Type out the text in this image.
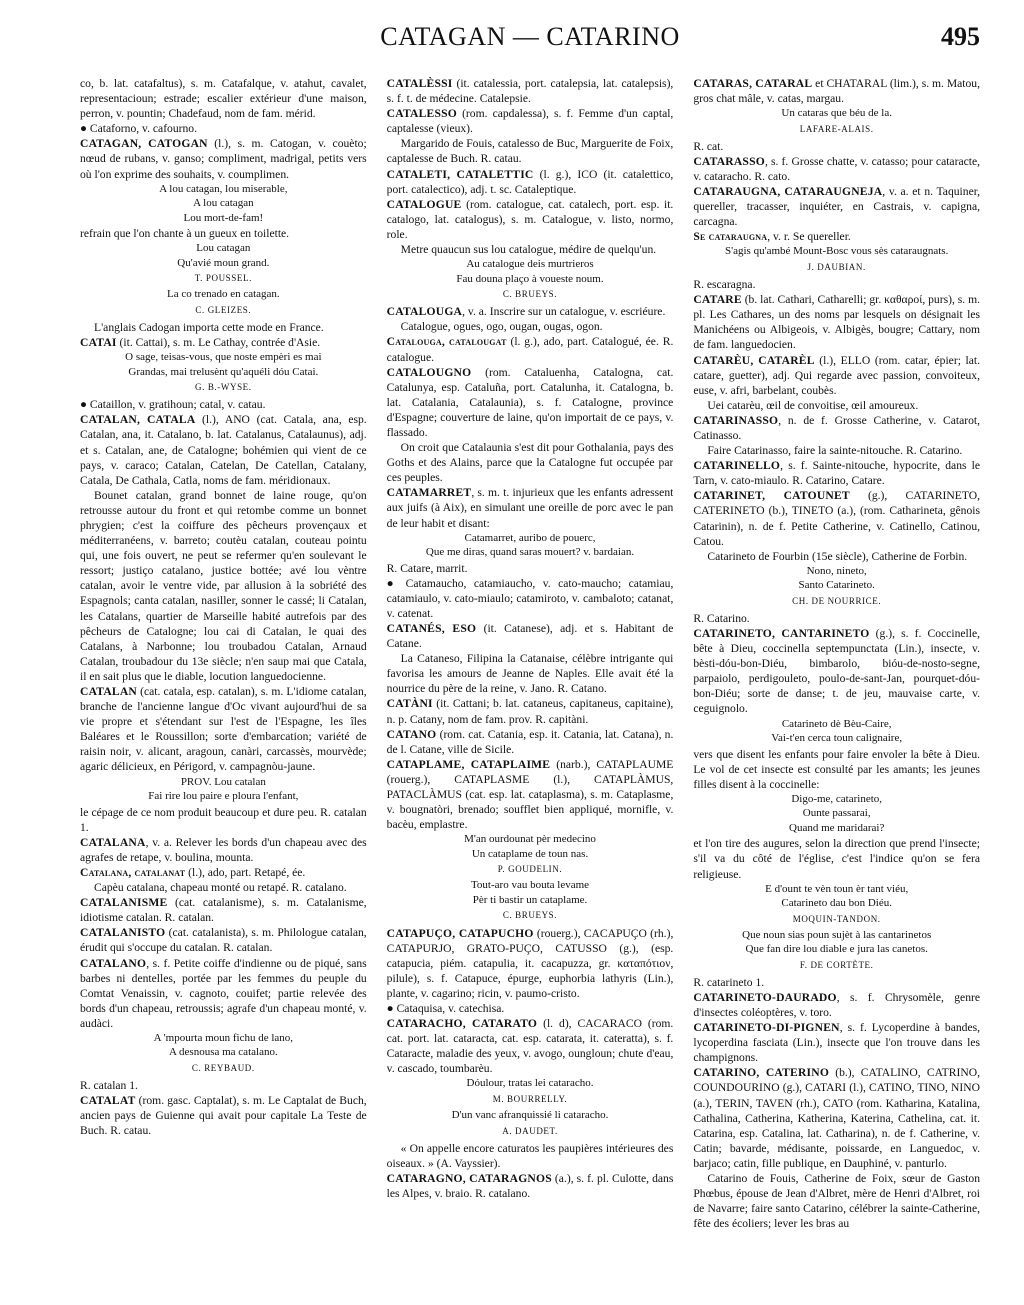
CATAGAN — CATARINO	495
co, b. lat. catafaltus), s. m. Catafalque, v. atahut, cavalet, representacioun; estrade; escalier extérieur d'une maison, perron, v. pountin; Chadefaud, nom de fam. mérid.
● Cataforno, v. cafourno.
CATAGAN, CATOGAN (l.), s. m. Catogan, v. couèto; nœud de rubans, v. ganso; compliment, madrigal, petits vers où l'on exprime des souhaits, v. coumplimen.
A lou catagan, lou miserable,
A lou catagan
Lou mort-de-fam!
refrain que l'on chante à un gueux en toilette.
Lou catagan
Qu'avié moun grand.
T. POUSSEL.
La co trenado en catagan.
C. GLEIZES.
L'anglais Cadogan importa cette mode en France.
CATAI (it. Cattai), s. m. Le Cathay, contrée d'Asie.
O sage, teisas-vous, que noste empèri es mai
Grandas, mai trelusènt qu'aquéli dóu Catai.
G. B.-WYSE.
● Cataillon, v. gratihoun; catal, v. catau.
CATALAN, CATALA (l.), ANO (cat. Catala, ana, esp. Catalan, ana, it. Catalano, b. lat. Catalanus, Catalaunus), adj. et s. Catalan, ane, de Catalogne; bohémien qui vient de ce pays, v. caraco; Catalan, Catelan, De Catellan, Catalany, Catala, De Cathala, Catla, noms de fam. méridionaux.
Bounet catalan, grand bonnet de laine rouge, qu'on retrousse autour du front et qui retombe comme un bonnet phrygien; c'est la coiffure des pêcheurs provençaux et méditerranéens, v. barreto; coutèu catalan, couteau pointu qui, une fois ouvert, ne peut se refermer qu'en soulevant le ressort; justiço catalano, justice bottée; avé lou vèntre catalan, avoir le ventre vide, par allusion à la sobriété des Espagnols; canta catalan, nasiller, sonner le cassé; li Catalan, les Catalans, quartier de Marseille habité autrefois par des pêcheurs de Catalogne; lou cai di Catalan, le quai des Catalans, à Narbonne; lou troubadou Catalan, Arnaud Catalan, troubadour du 13e siècle; n'en saup mai que Catala, il en sait plus que le diable, locution languedocienne.
CATALAN (cat. catala, esp. catalan), s. m. L'idiome catalan, branche de l'ancienne langue d'Oc vivant aujourd'hui de sa vie propre et s'étendant sur l'est de l'Espagne, les îles Baléares et le Roussillon; sorte d'embarcation; variété de raisin noir, v. alicant, aragoun, canàri, carcassès, mourvède; agaric délicieux, en Périgord, v. campagnòu-jaune.
PROV. Lou catalan
Fai rire lou paire e ploura l'enfant,
le cépage de ce nom produit beaucoup et dure peu. R. catalan 1.
CATALANA, v. a. Relever les bords d'un chapeau avec des agrafes de retape, v. boulina, mounta.
Catalana, catalanat (l.), ado, part. Retapé, ée.
Capèu catalana, chapeau monté ou retapé. R. catalano.
CATALANISME (cat. catalanisme), s. m. Catalanisme, idiotisme catalan. R. catalan.
CATALANISTO (cat. catalanista), s. m. Philologue catalan, érudit qui s'occupe du catalan. R. catalan.
CATALANO, s. f. Petite coiffe d'indienne ou de piqué, sans barbes ni dentelles, portée par les femmes du peuple du Comtat Venaissin, v. cagnoto, couifet; partie relevée des bords d'un chapeau, retroussis; agrafe d'un chapeau monté, v. audàci.
A 'mpourta moun fichu de lano,
A desnousa ma catalano.
C. REYBAUD.
R. catalan 1.
CATALAT (rom. gasc. Captalat), s. m. Le Captalat de Buch, ancien pays de Guienne qui avait pour capitale La Teste de Buch. R. catau.
CATALÈSSI (it. catalessia, port. catalepsia, lat. catalepsis), s. f. t. de médecine. Catalepsie.
CATALESSO (rom. capdalessa), s. f. Femme d'un captal, captalesse (vieux).
Margarido de Fouis, catalesso de Buc, Marguerite de Foix, captalesse de Buch. R. catau.
CATALETI, CATALETTIC (l. g.), ICO (it. catalettico, port. catalectico), adj. t. sc. Cataleptique.
CATALOGUE (rom. catalogue, cat. catalech, port. esp. it. catalogo, lat. catalogus), s. m. Catalogue, v. listo, normo, role.
Metre quaucun sus lou catalogue, médire de quelqu'un.
Au catalogue deis murtrieros
Fau douna plaço à voueste noum.
C. BRUEYS.
CATALOUGA, v. a. Inscrire sur un catalogue, v. escriéure.
Catalogue, ogues, ogo, ougan, ougas, ogon.
Catalouga, catalougat (l. g.), ado, part. Catalogué, ée. R. catalogue.
CATALOUGNO (rom. Cataluenha, Catalogna, cat. Catalunya, esp. Cataluña, port. Catalunha, it. Catalogna, b. lat. Catalania, Catalaunia), s. f. Catalogne, province d'Espagne; couverture de laine, qu'on importait de ce pays, v. flassado.
On croit que Catalaunia s'est dit pour Gothalania, pays des Goths et des Alains, parce que la Catalogne fut occupée par ces peuples.
CATAMARRET, s. m. t. injurieux que les enfants adressent aux juifs (à Aix), en simulant une oreille de porc avec le pan de leur habit et disant:
Catamarret, auribo de pouerc,
Que me diras, quand saras mouert? v. bardaian.
R. Catare, marrit.
● Catamaucho, catamiaucho, v. cato-maucho; catamiau, catamiaulo, v. cato-miaulo; catamiroto, v. cambaloto; catanat, v. catenat.
CATANÉS, ESO (it. Catanese), adj. et s. Habitant de Catane.
La Cataneso, Filipina la Catanaise, célèbre intrigante qui favorisa les amours de Jeanne de Naples. Elle avait été la nourrice du père de la reine, v. Jano. R. Catano.
CATÀNI (it. Cattani; b. lat. cataneus, capitaneus, capitaine), n. p. Catany, nom de fam. prov. R. capitàni.
CATANO (rom. cat. Catania, esp. it. Catania, lat. Catana), n. de l. Catane, ville de Sicile.
CATAPLAME, CATAPLAIME (narb.), CATAPLAUME (rouerg.), CATAPLASME (l.), CATAPLÀMUS, PATACLÀMUS (cat. esp. lat. cataplasma), s. m. Cataplasme, v. bougnatòri, brenado; soufflet bien appliqué, mornifle, v. bacèu, emplastre.
M'an ourdounat pèr medecino
Un cataplame de toun nas.
P. GOUDELIN.
Tout-aro vau bouta levame
Pèr ti bastir un cataplame.
C. BRUEYS.
CATAPUÇO, CATAPUCHO (rouerg.), CACAPUÇO (rh.), CATAPURJO, GRATO-PUÇO, CATUSSO (g.), (esp. catapucia, piém. catapulia, it. cacapuzza, gr. καταπότιον, pilule), s. f. Catapuce, épurge, euphorbia lathyris (Lin.), plante, v. cagarino; ricin, v. paumo-cristo.
● Cataquisa, v. catechisa.
CATARACHO, CATARATO (l. d), CACARACO (rom. cat. port. lat. cataracta, cat. esp. catarata, it. cateratta), s. f. Cataracte, maladie des yeux, v. avogo, oungloun; chute d'eau, v. cascado, toumbarèu.
Dóulour, tratas lei cataracho.
M. BOURRELLY.
D'un vanc afranquissié li cataracho.
A. DAUDET.
« On appelle encore caturatos les paupières intérieures des oiseaux. » (A. Vayssier).
CATARAGNO, CATARAGNOS (a.), s. f. pl. Culotte, dans les Alpes, v. braio. R. catalano.
CATARAS, CATARAL et CHATARAL (lim.), s. m. Matou, gros chat mâle, v. catas, margau.
Un cataras que béu de la.
LAFARE-ALAIS.
R. cat.
CATARASSO, s. f. Grosse chatte, v. catasso; pour cataracte, v. cataracho. R. cato.
CATARAUGNA, CATARAUGNEJA, v. a. et n. Taquiner, quereller, tracasser, inquiéter, en Castrais, v. capigna, carcagna.
Se cataraugna, v. r. Se quereller.
S'agis qu'ambé Mount-Bosc vous sès cataraugnats.
J. DAUBIAN.
R. escaragna.
CATARE (b. lat. Cathari, Catharelli; gr. καθαροί, purs), s. m. pl. Les Cathares, un des noms par lesquels on désignait les Manichéens ou Albigeois, v. Albigès, bougre; Cattary, nom de fam. languedocien.
CATARÈU, CATARÈL (l.), ELLO (rom. catar, épier; lat. catare, guetter), adj. Qui regarde avec passion, convoiteux, euse, v. afri, barbelant, coubès.
Uei catarèu, œil de convoitise, œil amoureux.
CATARINASSO, n. de f. Grosse Catherine, v. Catarot, Catinasso.
Faire Catarinasso, faire la sainte-nitouche. R. Catarino.
CATARINELLO, s. f. Sainte-nitouche, hypocrite, dans le Tarn, v. cato-miaulo. R. Catarino, Catare.
CATARINET, CATOUNET (g.), CATARINETO, CATERINETO (b.), TINETO (a.), (rom. Catharineta, gênois Catarinin), n. de f. Petite Catherine, v. Catinello, Catinou, Catou.
Catarineto de Fourbin (15e siècle), Catherine de Forbin.
Nono, nineto,
Santo Catarineto.
CH. DE NOURRICE.
R. Catarino.
CATARINETO, CANTARINETO (g.), s. f. Coccinelle, bête à Dieu, coccinella septempunctata (Lin.), insecte, v. bèsti-dóu-bon-Diéu, bimbarolo, bióu-de-nosto-segne, parpaiolo, perdigouleto, poulo-de-sant-Jan, pourquet-dóu-bon-Diéu; sorte de danse; t. de jeu, mauvaise carte, v. ceguignolo.
Catarineto dè Bèu-Caire,
Vai-t'en cerca toun calignaire,
vers que disent les enfants pour faire envoler la bête à Dieu. Le vol de cet insecte est consulté par les amants; les jeunes filles disent à la coccinelle:
Digo-me, catarineto,
Ounte passarai,
Quand me maridarai?
et l'on tire des augures, selon la direction que prend l'insecte; s'il va du côté de l'église, c'est l'indice qu'on se fera religieuse.
E d'ount te vèn toun èr tant viéu,
Catarineto dau bon Diéu.
MOQUIN-TANDON.
Que noun sias poun sujèt à las cantarinetos
Que fan dire lou diable e jura las canetos.
F. DE CORTÈTE.
R. catarineto 1.
CATARINETO-DAURADO, s. f. Chrysomèle, genre d'insectes coléoptères, v. toro.
CATARINETO-DI-PIGNEN, s. f. Lycoperdine à bandes, lycoperdina fasciata (Lin.), insecte que l'on trouve dans les champignons.
CATARINO, CATERINO (b.), CATALINO, CATRINO, COUNDOURINO (g.), CATARI (l.), CATINO, TINO, NINO (a.), TERIN, TAVEN (rh.), CATO (rom. Katharina, Katalina, Cathalina, Catherina, Katherina, Katerina, Cathelina, cat. it. Catarina, esp. Catalina, lat. Catharina), n. de f. Catherine, v. Catin; bavarde, médisante, poissarde, en Languedoc, v. barjaco; catin, fille publique, en Dauphiné, v. panturlo.
Catarino de Fouis, Catherine de Foix, sœur de Gaston Phœbus, épouse de Jean d'Albret, mère de Henri d'Albret, roi de Navarre; faire santo Catarino, célébrer la sainte-Catherine, fête des écoliers; lever les bras au
